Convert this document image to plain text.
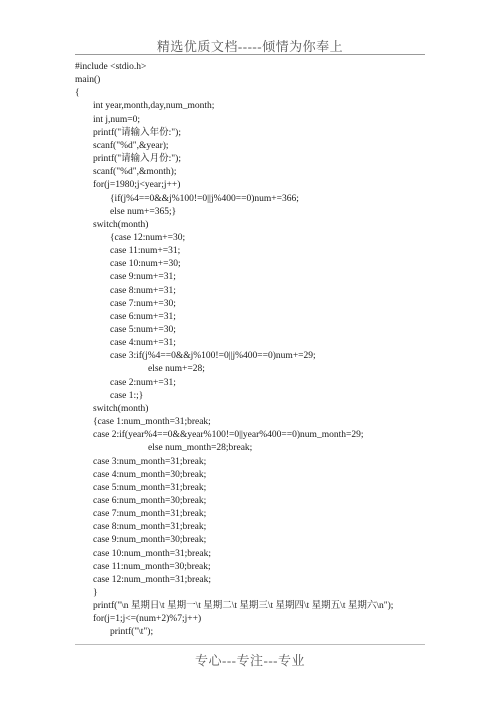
精选优质文档-----倾情为你奉上
#include <stdio.h>
main()
{
int year,month,day,num_month;
int j,num=0;
printf("请输入年份:");
scanf("%d",&year);
printf("请输入月份:");
scanf("%d",&month);
for(j=1980;j<year;j++)
{if(j%4==0&&j%100!=0||j%400==0)num+=366;
else num+=365;}
switch(month)
{case 12:num+=30;
case 11:num+=31;
case 10:num+=30;
case 9:num+=31;
case 8:num+=31;
case 7:num+=30;
case 6:num+=31;
case 5:num+=30;
case 4:num+=31;
case 3:if(j%4==0&&j%100!=0||j%400==0)num+=29;
else num+=28;
case 2:num+=31;
case 1:;}
switch(month)
{case 1:num_month=31;break;
case 2:if(year%4==0&&year%100!=0||year%400==0)num_month=29;
else num_month=28;break;
case 3:num_month=31;break;
case 4:num_month=30;break;
case 5:num_month=31;break;
case 6:num_month=30;break;
case 7:num_month=31;break;
case 8:num_month=31;break;
case 9:num_month=30;break;
case 10:num_month=31;break;
case 11:num_month=30;break;
case 12:num_month=31;break;
}
printf("\n 星期日\t 星期一\t 星期二\t 星期三\t 星期四\t 星期五\t 星期六\n");
for(j=1;j<=(num+2)%7;j++)
printf("\t");
专心---专注---专业
